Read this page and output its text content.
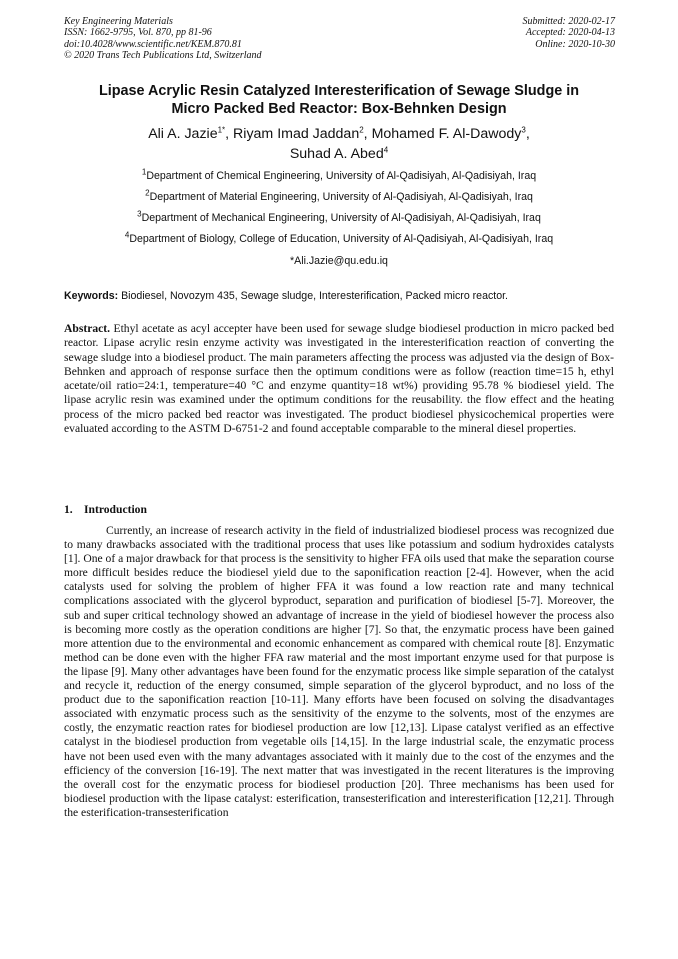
Key Engineering Materials
ISSN: 1662-9795, Vol. 870, pp 81-96
doi:10.4028/www.scientific.net/KEM.870.81
© 2020 Trans Tech Publications Ltd, Switzerland
Submitted: 2020-02-17
Accepted: 2020-04-13
Online: 2020-10-30
Lipase Acrylic Resin Catalyzed Interesterification of Sewage Sludge in
Micro Packed Bed Reactor: Box-Behnken Design
Ali A. Jazie$^{1*}$, Riyam Imad Jaddan$^2$, Mohamed F. Al-Dawody$^3$,
Suhad A. Abed$^4$
$^1$Department of Chemical Engineering, University of Al-Qadisiyah, Al-Qadisiyah, Iraq
$^2$Department of Material Engineering, University of Al-Qadisiyah, Al-Qadisiyah, Iraq
$^3$Department of Mechanical Engineering, University of Al-Qadisiyah, Al-Qadisiyah, Iraq
$^4$Department of Biology, College of Education, University of Al-Qadisiyah, Al-Qadisiyah, Iraq
*Ali.Jazie@qu.edu.iq
Keywords: Biodiesel, Novozym 435, Sewage sludge, Interesterification, Packed micro reactor.
Abstract. Ethyl acetate as acyl accepter have been used for sewage sludge biodiesel production in micro packed bed reactor. Lipase acrylic resin enzyme activity was investigated in the interesterification reaction of converting the sewage sludge into a biodiesel product. The main parameters affecting the process was adjusted via the design of Box-Behnken and approach of response surface then the optimum conditions were as follow (reaction time=15 h, ethyl acetate/oil ratio=24:1, temperature=40 °C and enzyme quantity=18 wt%) providing 95.78 % biodiesel yield. The lipase acrylic resin was examined under the optimum conditions for the reusability. the flow effect and the heating process of the micro packed bed reactor was investigated. The product biodiesel physicochemical properties were evaluated according to the ASTM D-6751-2 and found acceptable comparable to the mineral diesel properties.
1. Introduction
Currently, an increase of research activity in the field of industrialized biodiesel process was recognized due to many drawbacks associated with the traditional process that uses like potassium and sodium hydroxides catalysts [1]. One of a major drawback for that process is the sensitivity to higher FFA oils used that make the separation course more difficult besides reduce the biodiesel yield due to the saponification reaction [2-4]. However, when the acid catalysts used for solving the problem of higher FFA it was found a low reaction rate and many technical complications associated with the glycerol byproduct, separation and purification of biodiesel [5-7]. Moreover, the sub and super critical technology showed an advantage of increase in the yield of biodiesel however the process also is becoming more costly as the operation conditions are higher [7]. So that, the enzymatic process have been gained more attention due to the environmental and economic enhancement as compared with chemical route [8]. Enzymatic method can be done even with the higher FFA raw material and the most important enzyme used for that purpose is the lipase [9]. Many other advantages have been found for the enzymatic process like simple separation of the catalyst and recycle it, reduction of the energy consumed, simple separation of the glycerol byproduct, and no loss of the product due to the saponification reaction [10-11]. Many efforts have been focused on solving the disadvantages associated with enzymatic process such as the sensitivity of the enzyme to the solvents, most of the enzymes are costly, the enzymatic reaction rates for biodiesel production are low [12,13]. Lipase catalyst verified as an effective catalyst in the biodiesel production from vegetable oils [14,15]. In the large industrial scale, the enzymatic process have not been used even with the many advantages associated with it mainly due to the cost of the enzymes and the efficiency of the conversion [16-19]. The next matter that was investigated in the recent literatures is the improving the overall cost for the enzymatic process for biodiesel production [20]. Three mechanisms has been used for biodiesel production with the lipase catalyst: esterification, transesterification and interesterification [12,21]. Through the esterification-transesterification
